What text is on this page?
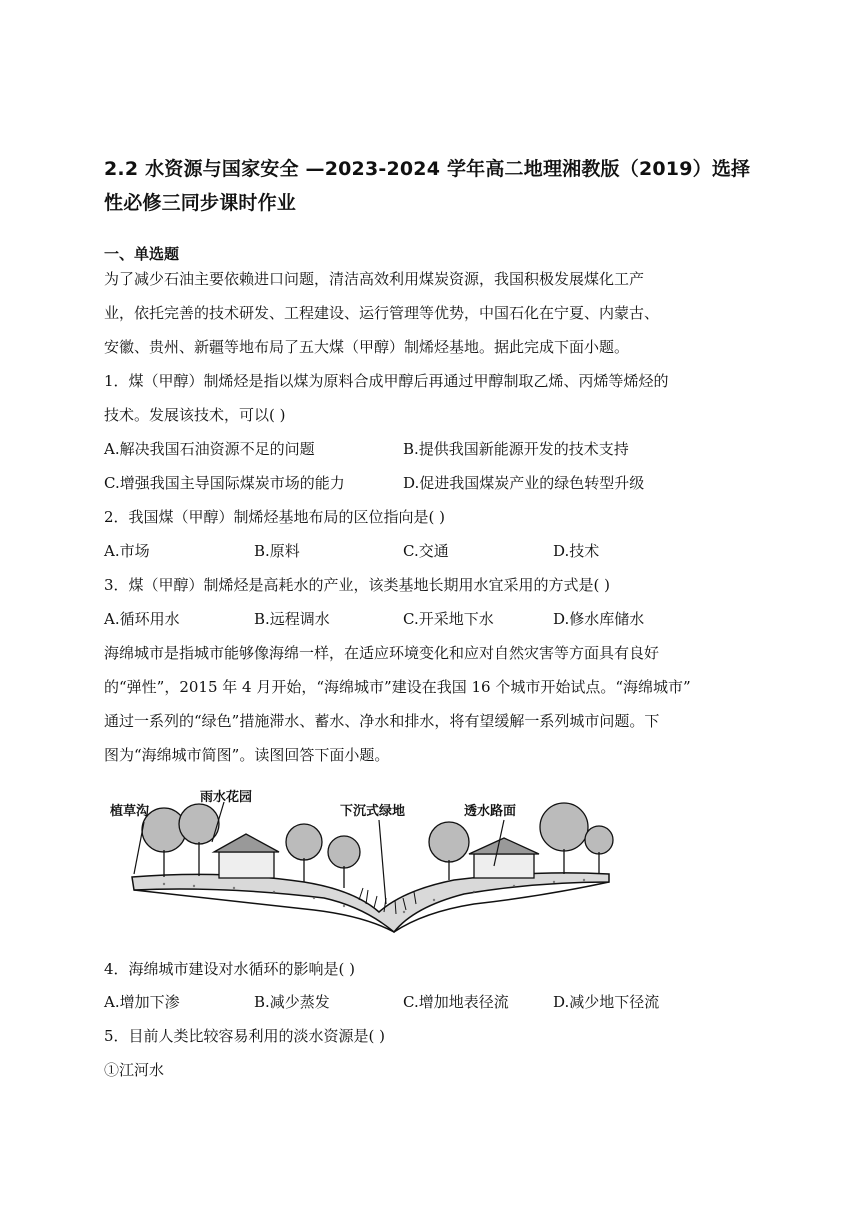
2.2 水资源与国家安全 —2023-2024 学年高二地理湘教版（2019）选择性必修三同步课时作业
一、单选题
为了减少石油主要依赖进口问题，清洁高效利用煤炭资源，我国积极发展煤化工产
业，依托完善的技术研发、工程建设、运行管理等优势，中国石化在宁夏、内蒙古、
安徽、贵州、新疆等地布局了五大煤（甲醇）制烯烃基地。据此完成下面小题。
1．煤（甲醇）制烯烃是指以煤为原料合成甲醇后再通过甲醇制取乙烯、丙烯等烯烃的
技术。发展该技术，可以( )
A.解决我国石油资源不足的问题	B.提供我国新能源开发的技术支持
C.增强我国主导国际煤炭市场的能力	D.促进我国煤炭产业的绿色转型升级
2．我国煤（甲醇）制烯烃基地布局的区位指向是( )
A.市场	B.原料	C.交通	D.技术
3．煤（甲醇）制烯烃是高耗水的产业，该类基地长期用水宜采用的方式是( )
A.循环用水	B.远程调水	C.开采地下水	D.修水库储水
海绵城市是指城市能够像海绵一样，在适应环境变化和应对自然灾害等方面具有良好
的“弹性”，2015 年 4 月开始，“海绵城市”建设在我国 16 个城市开始试点。“海绵城市”
通过一系列的“绿色”措施滞水、蓄水、净水和排水，将有望缓解一系列城市问题。下
图为“海绵城市简图”。读图回答下面小题。
植草沟
雨水花园
下沉式绿地	透水路面
4．海绵城市建设对水循环的影响是( )
A.增加下渗	B.减少蒸发	C.增加地表径流	D.减少地下径流
5．目前人类比较容易利用的淡水资源是( )
①江河水
